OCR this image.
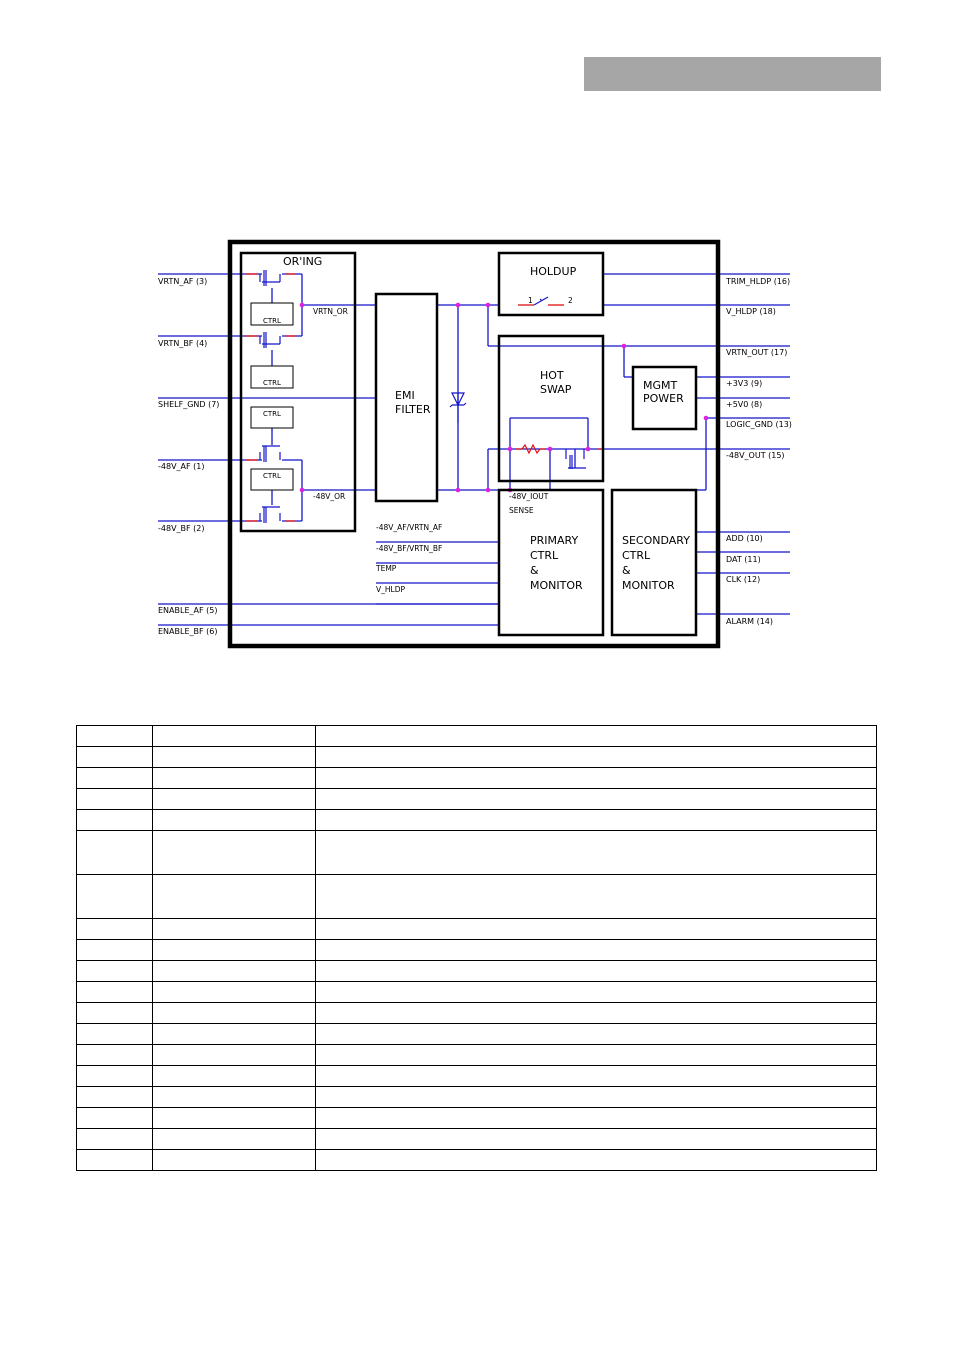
CTRL
CTRL
CTRL
CTRL
OR'ING
EMI
FILTER
HOLDUP
HOT
SWAP	MGMT
POWER
PRIMARY
CTRL
&
MONITOR
SECONDARY
CTRL
&
MONITOR
VRTN_AF (3)
VRTN_BF (4)
SHELF_GND (7)
-48V_AF (1)
-48V_BF (2)
ENABLE_AF (5)
ENABLE_BF (6)
TRIM_HLDP (16)
V_HLDP (18)
VRTN_OUT (17)
+3V3 (9)
+5V0 (8)
LOGIC_GND (13)
-48V_OUT (15)
ADD (10)
DAT (11)
CLK (12)
ALARM (14)
VRTN_OR
-48V_OR	-48V_IOUT
SENSE
-48V_AF/VRTN_AF
-48V_BF/VRTN_BF
TEMP
V_HLDP
1	2
